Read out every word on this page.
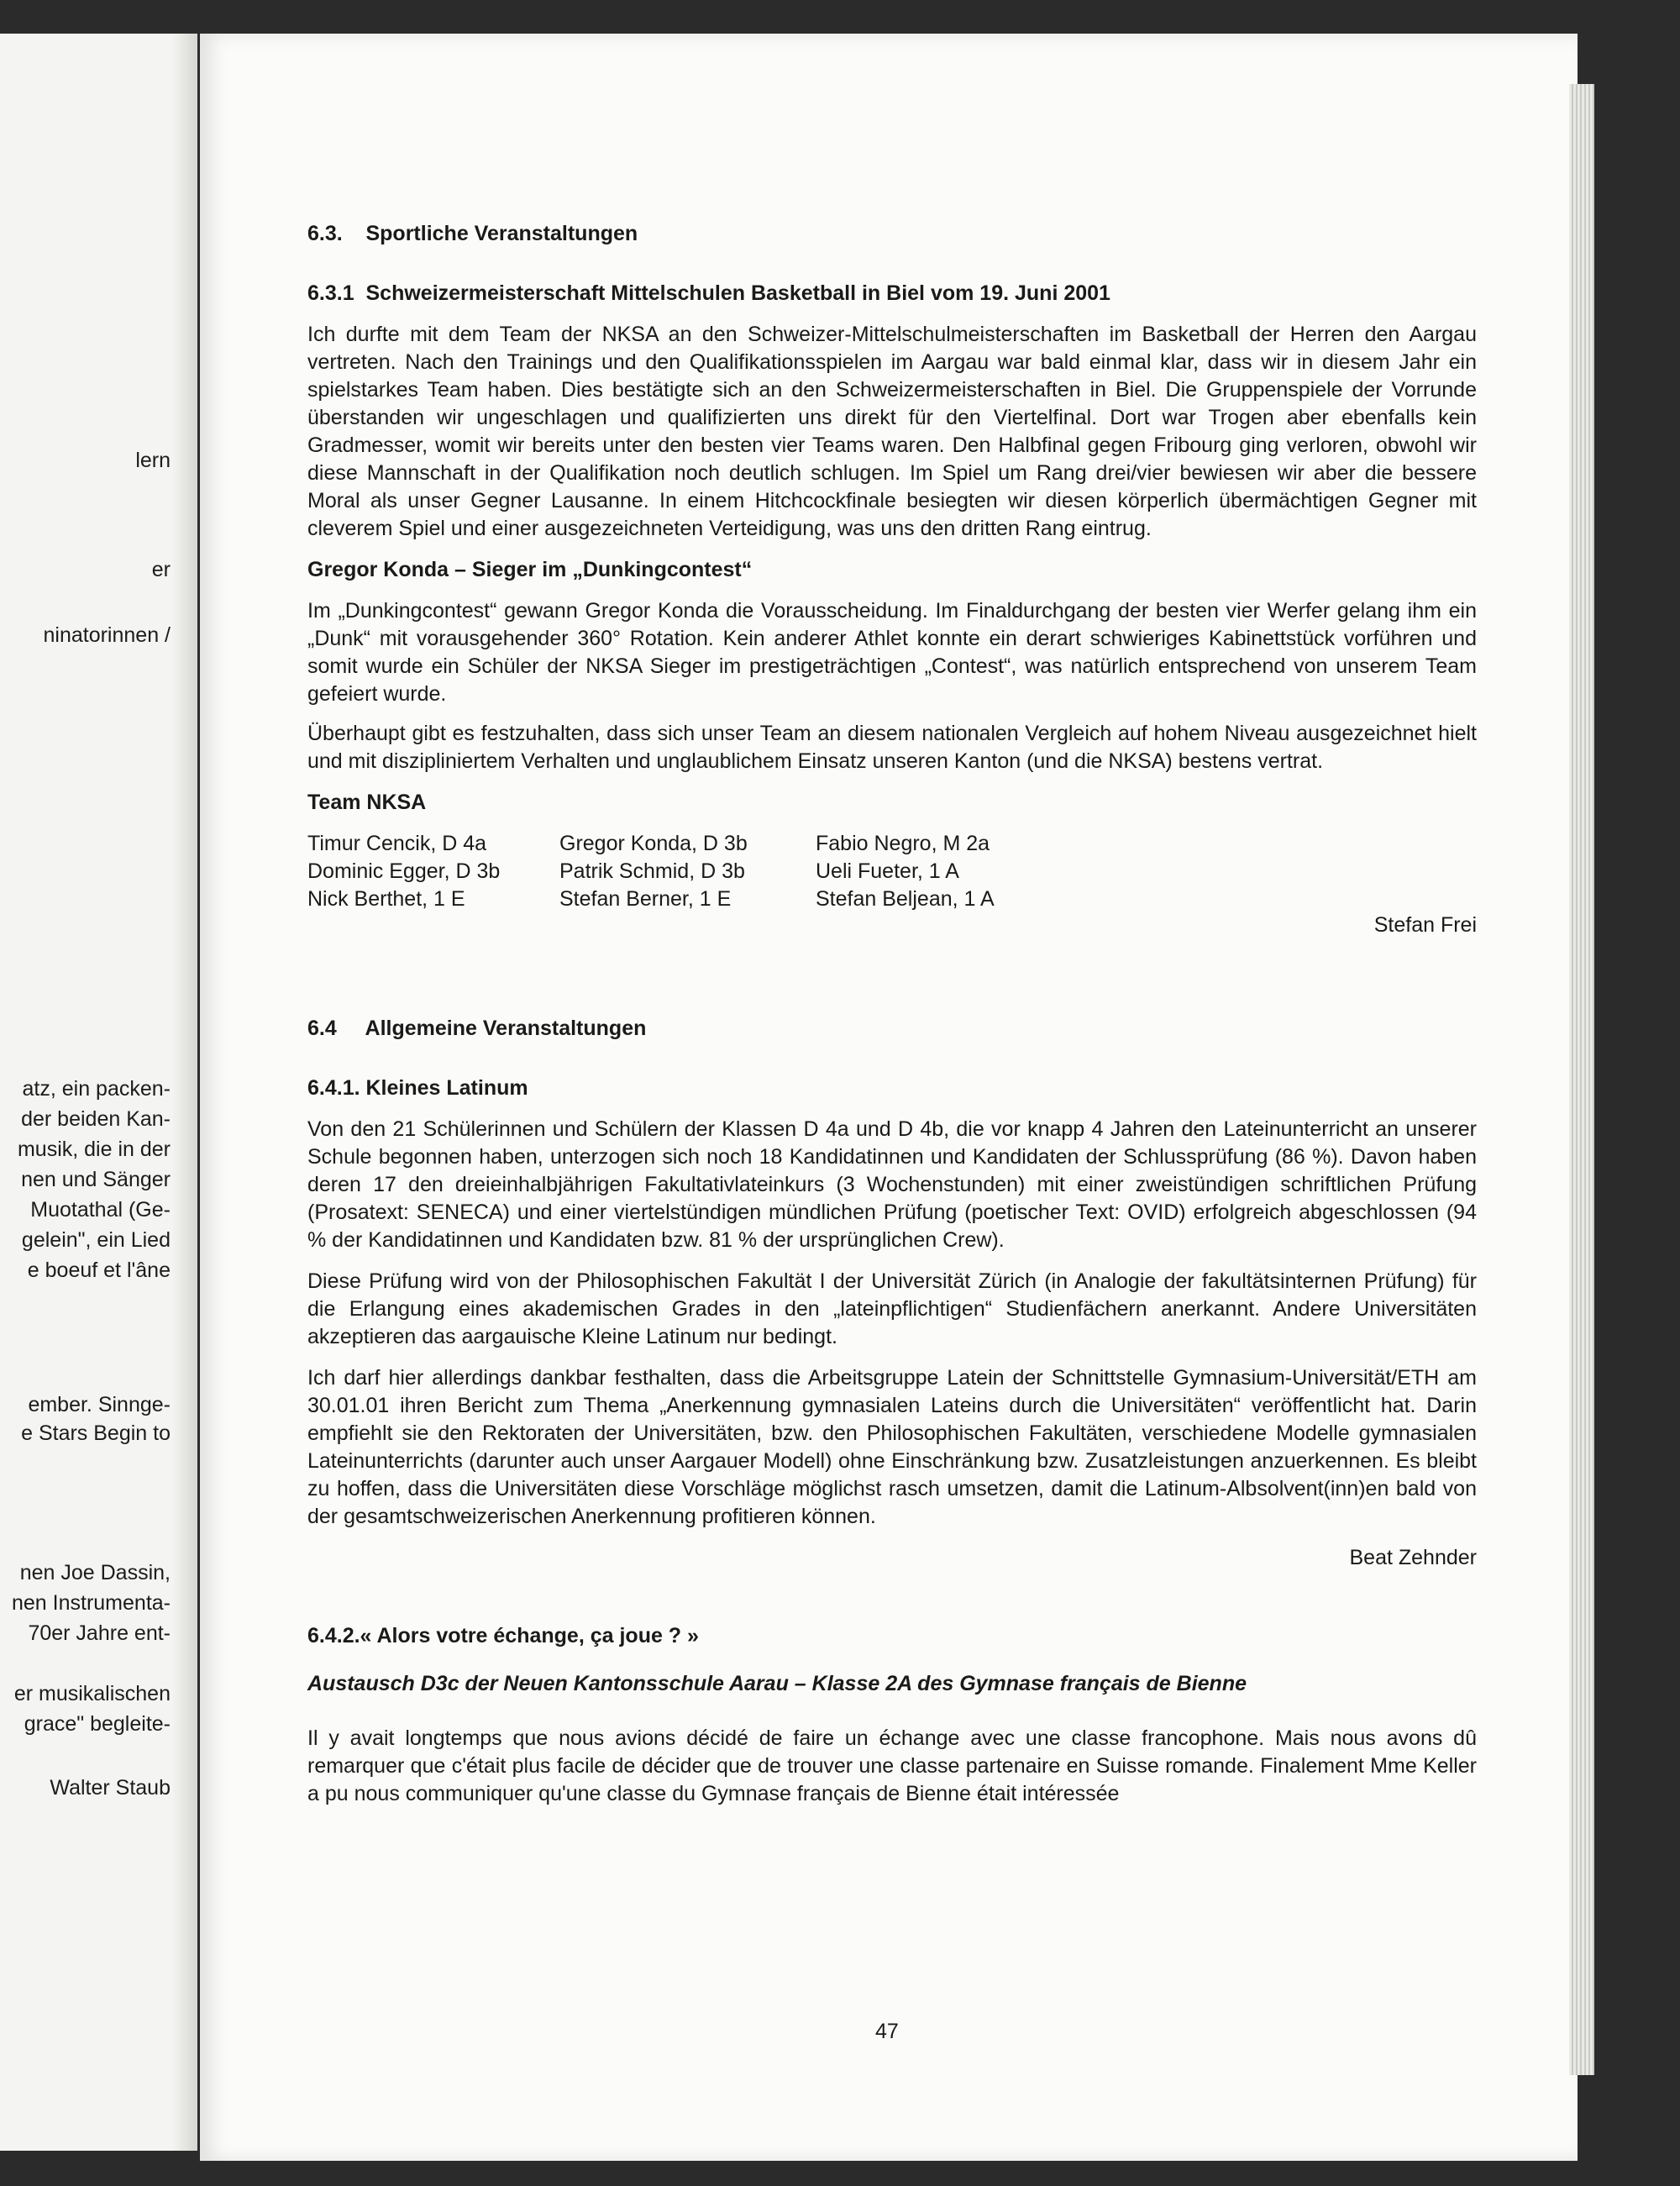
lern
er
ninatorinnen /
atz, ein packen-
der beiden Kan-
musik, die in der
nen und Sänger
Muotathal (Ge-
gelein", ein Lied
e boeuf et l'âne
ember. Sinnge-
e Stars Begin to
nen Joe Dassin,
nen Instrumenta-
70er Jahre ent-
er musikalischen
grace" begleite-
Walter Staub
6.3.    Sportliche Veranstaltungen
6.3.1  Schweizermeisterschaft Mittelschulen Basketball in Biel vom 19. Juni 2001

Ich durfte mit dem Team der NKSA an den Schweizer-Mittelschulmeisterschaften im Basketball der Herren den Aargau vertreten. Nach den Trainings und den Qualifikationsspielen im Aargau war bald einmal klar, dass wir in diesem Jahr ein spielstarkes Team haben. Dies bestätigte sich an den Schweizermeisterschaften in Biel. Die Gruppenspiele der Vorrunde überstanden wir ungeschlagen und qualifizierten uns direkt für den Viertelfinal. Dort war Trogen aber ebenfalls kein Gradmesser, womit wir bereits unter den besten vier Teams waren. Den Halbfinal gegen Fribourg ging verloren, obwohl wir diese Mannschaft in der Qualifikation noch deutlich schlugen. Im Spiel um Rang drei/vier bewiesen wir aber die bessere Moral als unser Gegner Lausanne. In einem Hitchcockfinale besiegten wir diesen körperlich übermächtigen Gegner mit cleverem Spiel und einer ausgezeichneten Verteidigung, was uns den dritten Rang eintrug.

Gregor Konda – Sieger im „Dunkingcontest“

Im „Dunkingcontest“ gewann Gregor Konda die Vorausscheidung. Im Finaldurchgang der besten vier Werfer gelang ihm ein „Dunk“ mit vorausgehender 360° Rotation. Kein anderer Athlet konnte ein derart schwieriges Kabinettstück vorführen und somit wurde ein Schüler der NKSA Sieger im prestigeträchtigen „Contest“, was natürlich entsprechend von unserem Team gefeiert wurde.

Überhaupt gibt es festzuhalten, dass sich unser Team an diesem nationalen Vergleich auf hohem Niveau ausgezeichnet hielt und mit diszipliniertem Verhalten und unglaublichem Einsatz unseren Kanton (und die NKSA) bestens vertrat.

Team NKSA
Timur Cencik, D 4a	Gregor Konda, D 3b	Fabio Negro, M 2a
Dominic Egger, D 3b	Patrik Schmid, D 3b	Ueli Fueter, 1 A
Nick Berthet, 1 E	Stefan Berner, 1 E	Stefan Beljean, 1 A
Stefan Frei
6.4     Allgemeine Veranstaltungen
6.4.1. Kleines Latinum

Von den 21 Schülerinnen und Schülern der Klassen D 4a und D 4b, die vor knapp 4 Jahren den Lateinunterricht an unserer Schule begonnen haben, unterzogen sich noch 18 Kandidatinnen und Kandidaten der Schlussprüfung (86 %). Davon haben deren 17 den dreieinhalbjährigen Fakultativlateinkurs (3 Wochenstunden) mit einer zweistündigen schriftlichen Prüfung (Prosatext: SENECA) und einer viertelstündigen mündlichen Prüfung (poetischer Text: OVID) erfolgreich abgeschlossen (94 % der Kandidatinnen und Kandidaten bzw. 81 % der ursprünglichen Crew).

Diese Prüfung wird von der Philosophischen Fakultät I der Universität Zürich (in Analogie der fakultätsinternen Prüfung) für die Erlangung eines akademischen Grades in den „lateinpflichtigen“ Studienfächern anerkannt. Andere Universitäten akzeptieren das aargauische Kleine Latinum nur bedingt.

Ich darf hier allerdings dankbar festhalten, dass die Arbeitsgruppe Latein der Schnittstelle Gymnasium-Universität/ETH am 30.01.01 ihren Bericht zum Thema „Anerkennung gymnasialen Lateins durch die Universitäten“ veröffentlicht hat. Darin empfiehlt sie den Rektoraten der Universitäten, bzw. den Philosophischen Fakultäten, verschiedene Modelle gymnasialen Lateinunterrichts (darunter auch unser Aargauer Modell) ohne Einschränkung bzw. Zusatzleistungen anzuerkennen. Es bleibt zu hoffen, dass die Universitäten diese Vorschläge möglichst rasch umsetzen, damit die Latinum-Albsolvent(inn)en bald von der gesamtschweizerischen Anerkennung profitieren können.

Beat Zehnder
6.4.2.« Alors votre échange, ça joue ? »
Austausch D3c der Neuen Kantonsschule Aarau – Klasse 2A des Gymnase français de Bienne

Il y avait longtemps que nous avions décidé de faire un échange avec une classe francophone. Mais nous avons dû remarquer que c'était plus facile de décider que de trouver une classe partenaire en Suisse romande. Finalement Mme Keller a pu nous communiquer qu'une classe du Gymnase français de Bienne était intéressée

47
